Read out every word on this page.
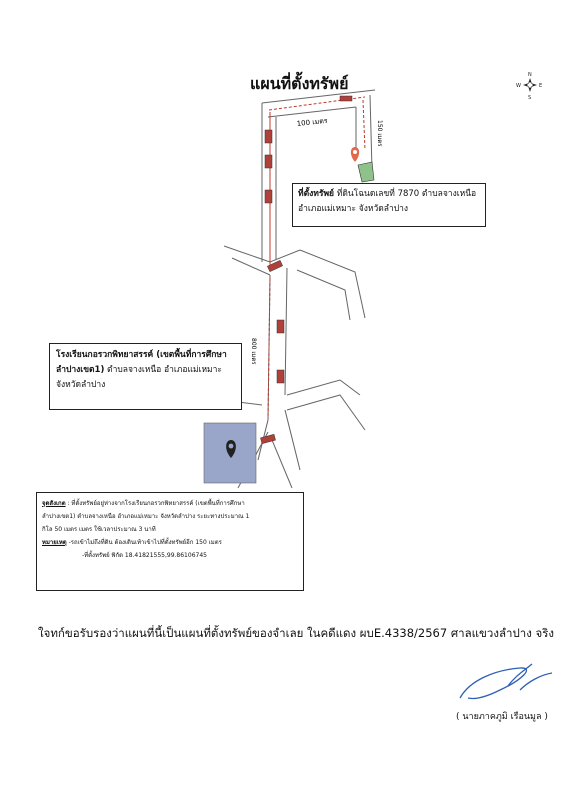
N
S
E
W
100 เมตร	150 เมตร
800 เมตร
แผนที่ตั้งทรัพย์
ที่ตั้งทรัพย์ ที่ดินโฉนดเลขที่ 7870 ตำบลจางเหนือ
อำเภอแม่เหมาะ จังหวัดลำปาง
โรงเรียนกอรวกพิทยาสรรค์ (เขตพื้นที่การศึกษา
ลำปางเขต1) ตำบลจางเหนือ อำเภอแม่เหมาะ
จังหวัดลำปาง
จุดสังเกต : ที่ตั้งทรัพย์อยู่ห่างจากโรงเรียนกอรวกพิทยาสรรค์ (เขตพื้นที่การศึกษา
ลำปางเขต1) ตำบลจางเหนือ อำเภอแม่เหมาะ จังหวัดลำปาง ระยะทางประมาณ 1
กิโล 50 เมตร เมตร ใช้เวลาประมาณ 3 นาที
หมายเหตุ -รถเข้าไม่ถึงที่ดิน ต้องเดินเท้าเข้าไปที่ตั้งทรัพย์อีก 150 เมตร
-ที่ตั้งทรัพย์ พิกัด 18.41821555,99.86106745
ใจทก์ขอรับรองว่าแผนที่นี้เป็นแผนที่ตั้งทรัพย์ของจำเลย ในคดีแดง ผบE.4338/2567 ศาลแขวงลำปาง จริง
( นายภาคภูมิ เรือนมูล )
